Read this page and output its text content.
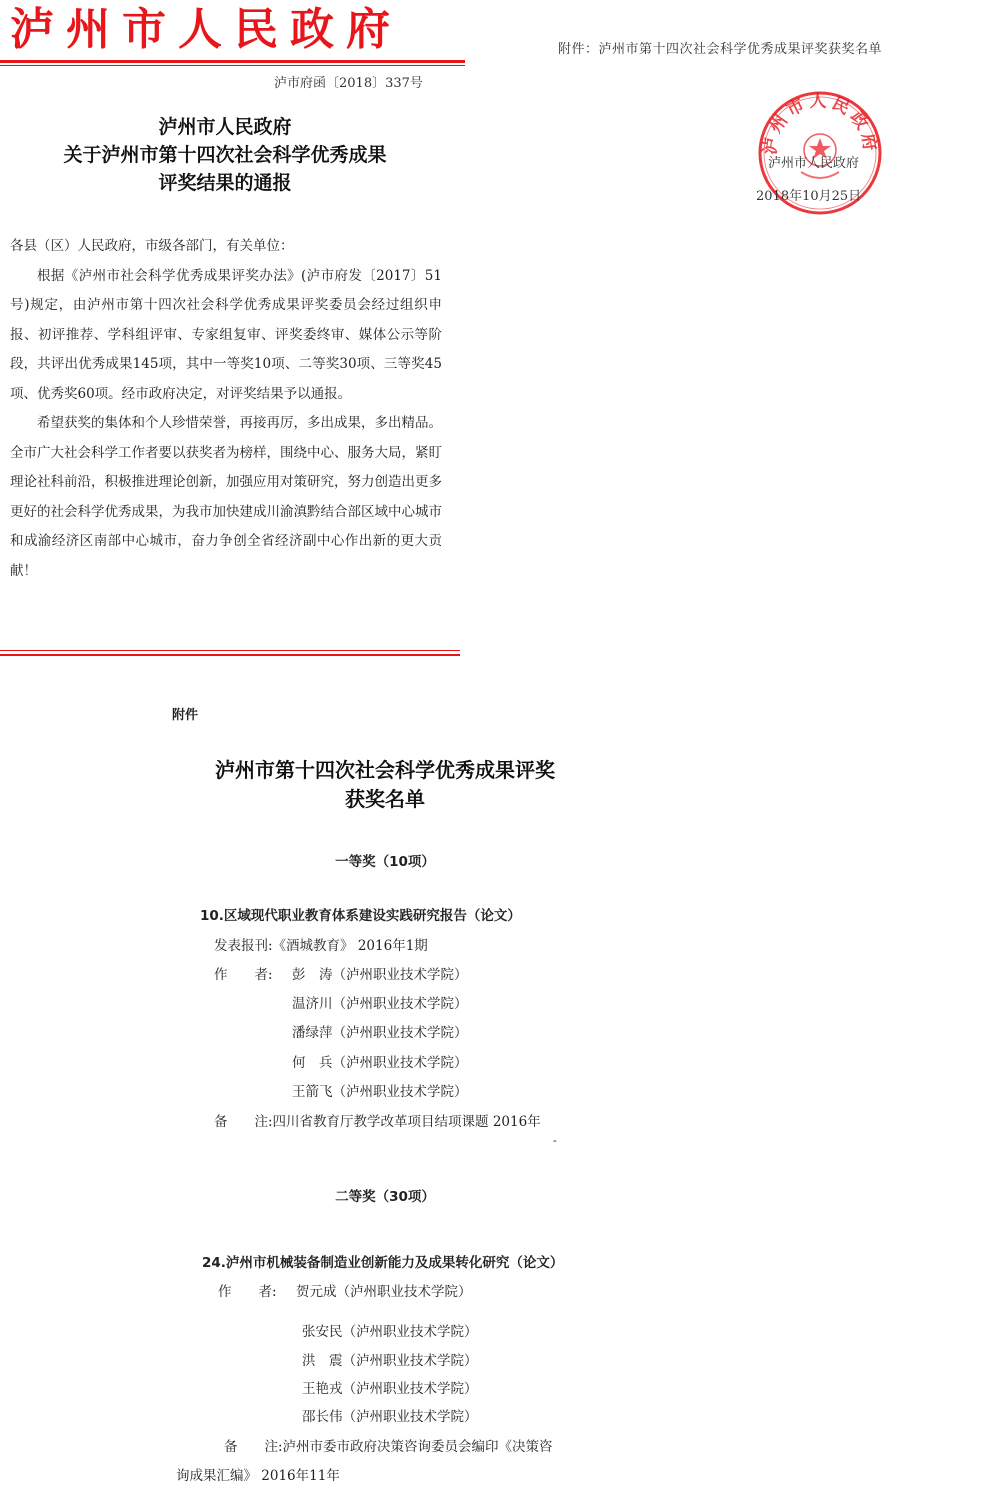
泸州市人民政府
泸市府函〔2018〕337号
附件：泸州市第十四次社会科学优秀成果评奖获奖名单
泸州市人民政府
关于泸州市第十四次社会科学优秀成果
评奖结果的通报

各县（区）人民政府，市级各部门，有关单位：

根据《泸州市社会科学优秀成果评奖办法》(泸市府发〔2017〕51号)规定，由泸州市第十四次社会科学优秀成果评奖委员会经过组织申报、初评推荐、学科组评审、专家组复审、评奖委终审、媒体公示等阶段，共评出优秀成果145项，其中一等奖10项、二等奖30项、三等奖45项、优秀奖60项。经市政府决定，对评奖结果予以通报。

希望获奖的集体和个人珍惜荣誉，再接再厉，多出成果，多出精品。全市广大社会科学工作者要以获奖者为榜样，围绕中心、服务大局，紧盯理论社科前沿，积极推进理论创新，加强应用对策研究，努力创造出更多更好的社会科学优秀成果，为我市加快建成川渝滇黔结合部区域中心城市和成渝经济区南部中心城市，奋力争创全省经济副中心作出新的更大贡献！

泸州市人民政府
泸州市人民政府
2018年10月25日
附件
泸州市第十四次社会科学优秀成果评奖
获奖名单
一等奖（10项）
10.区域现代职业教育体系建设实践研究报告（论文）
发表报刊:《酒城教育》 2016年1期
作　　者: 彭　涛（泸州职业技术学院）
温济川（泸州职业技术学院）
潘绿萍（泸州职业技术学院）
何　兵（泸州职业技术学院）
王箭飞（泸州职业技术学院）
备　　注:四川省教育厅教学改革项目结项课题 2016年
-
二等奖（30项）
24.泸州市机械装备制造业创新能力及成果转化研究（论文）
作　　者: 贺元成（泸州职业技术学院）
张安民（泸州职业技术学院）
洪　震（泸州职业技术学院）
王艳戎（泸州职业技术学院）
邵长伟（泸州职业技术学院）
备　　注:泸州市委市政府决策咨询委员会编印《决策咨
询成果汇编》 2016年11年
